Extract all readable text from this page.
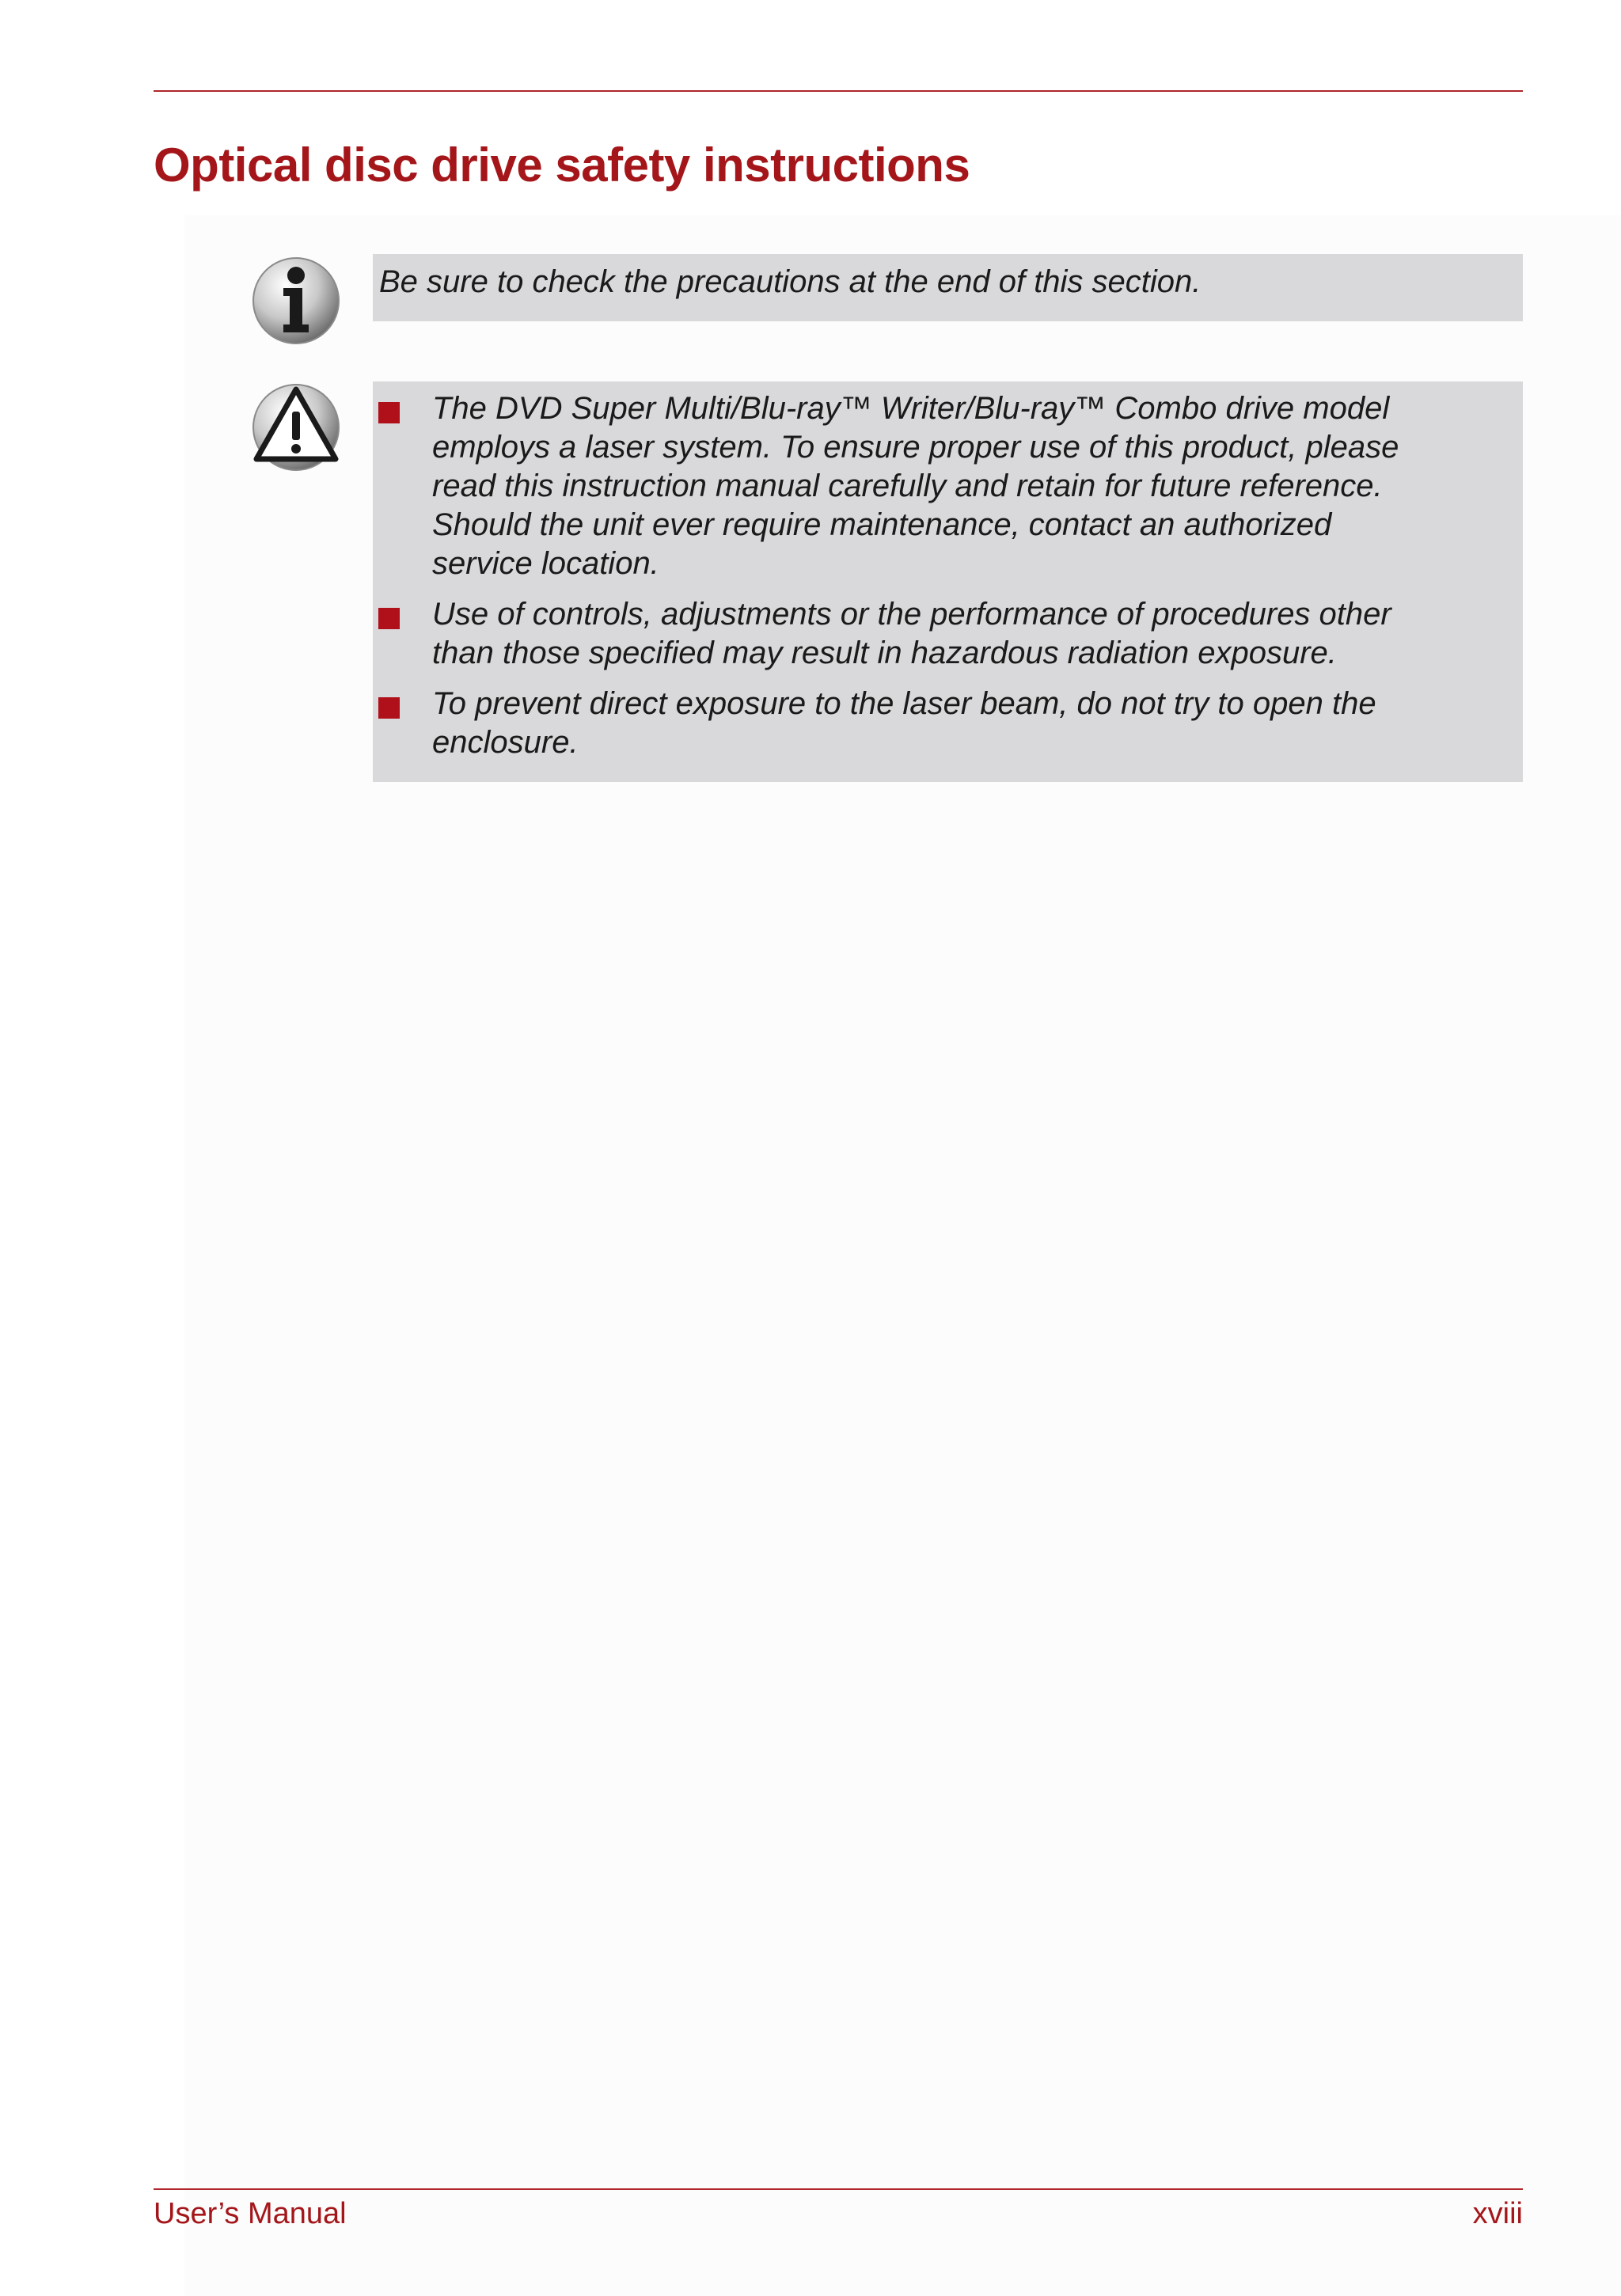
Optical disc drive safety instructions
Be sure to check the precautions at the end of this section.
The DVD Super Multi/Blu-ray™ Writer/Blu-ray™ Combo drive model
employs a laser system. To ensure proper use of this product, please
read this instruction manual carefully and retain for future reference.
Should the unit ever require maintenance, contact an authorized
service location.
Use of controls, adjustments or the performance of procedures other
than those specified may result in hazardous radiation exposure.
To prevent direct exposure to the laser beam, do not try to open the
enclosure.
User’s Manual	xviii
